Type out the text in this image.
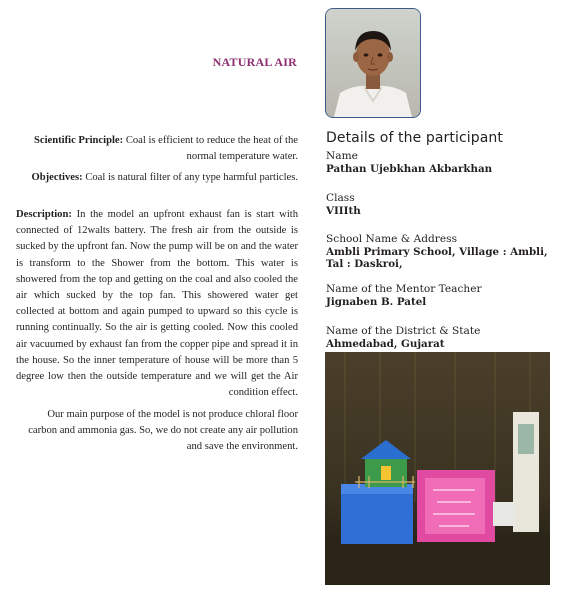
NATURAL AIR
Scientific Principle: Coal is efficient to reduce the heat of the normal temperature water.
Objectives: Coal is natural filter of any type harmful particles.
Description: In the model an upfront exhaust fan is start with connected of 12walts battery. The fresh air from the outside is sucked by the upfront fan. Now the pump will be on and the water is transform to the Shower from the bottom. This water is showered from the top and getting on the coal and also cooled the air which sucked by the top fan. This showered water get collected at bottom and again pumped to upward so this cycle is running continually. So the air is getting cooled. Now this cooled air vacuumed by exhaust fan from the copper pipe and spread it in the house. So the inner temperature of house will be more than 5 degree low then the outside temperature and we will get the Air condition effect.
Our main purpose of the model is not produce chloral floor carbon and ammonia gas. So, we do not create any air pollution and save the environment.
Details of the participant
Name
Pathan Ujebkhan Akbarkhan
Class
VIIIth
School Name & Address
Ambli Primary School, Village : Ambli, Tal : Daskroi,
Name of the Mentor Teacher
Jignaben B. Patel
Name of the District & State
Ahmedabad, Gujarat
